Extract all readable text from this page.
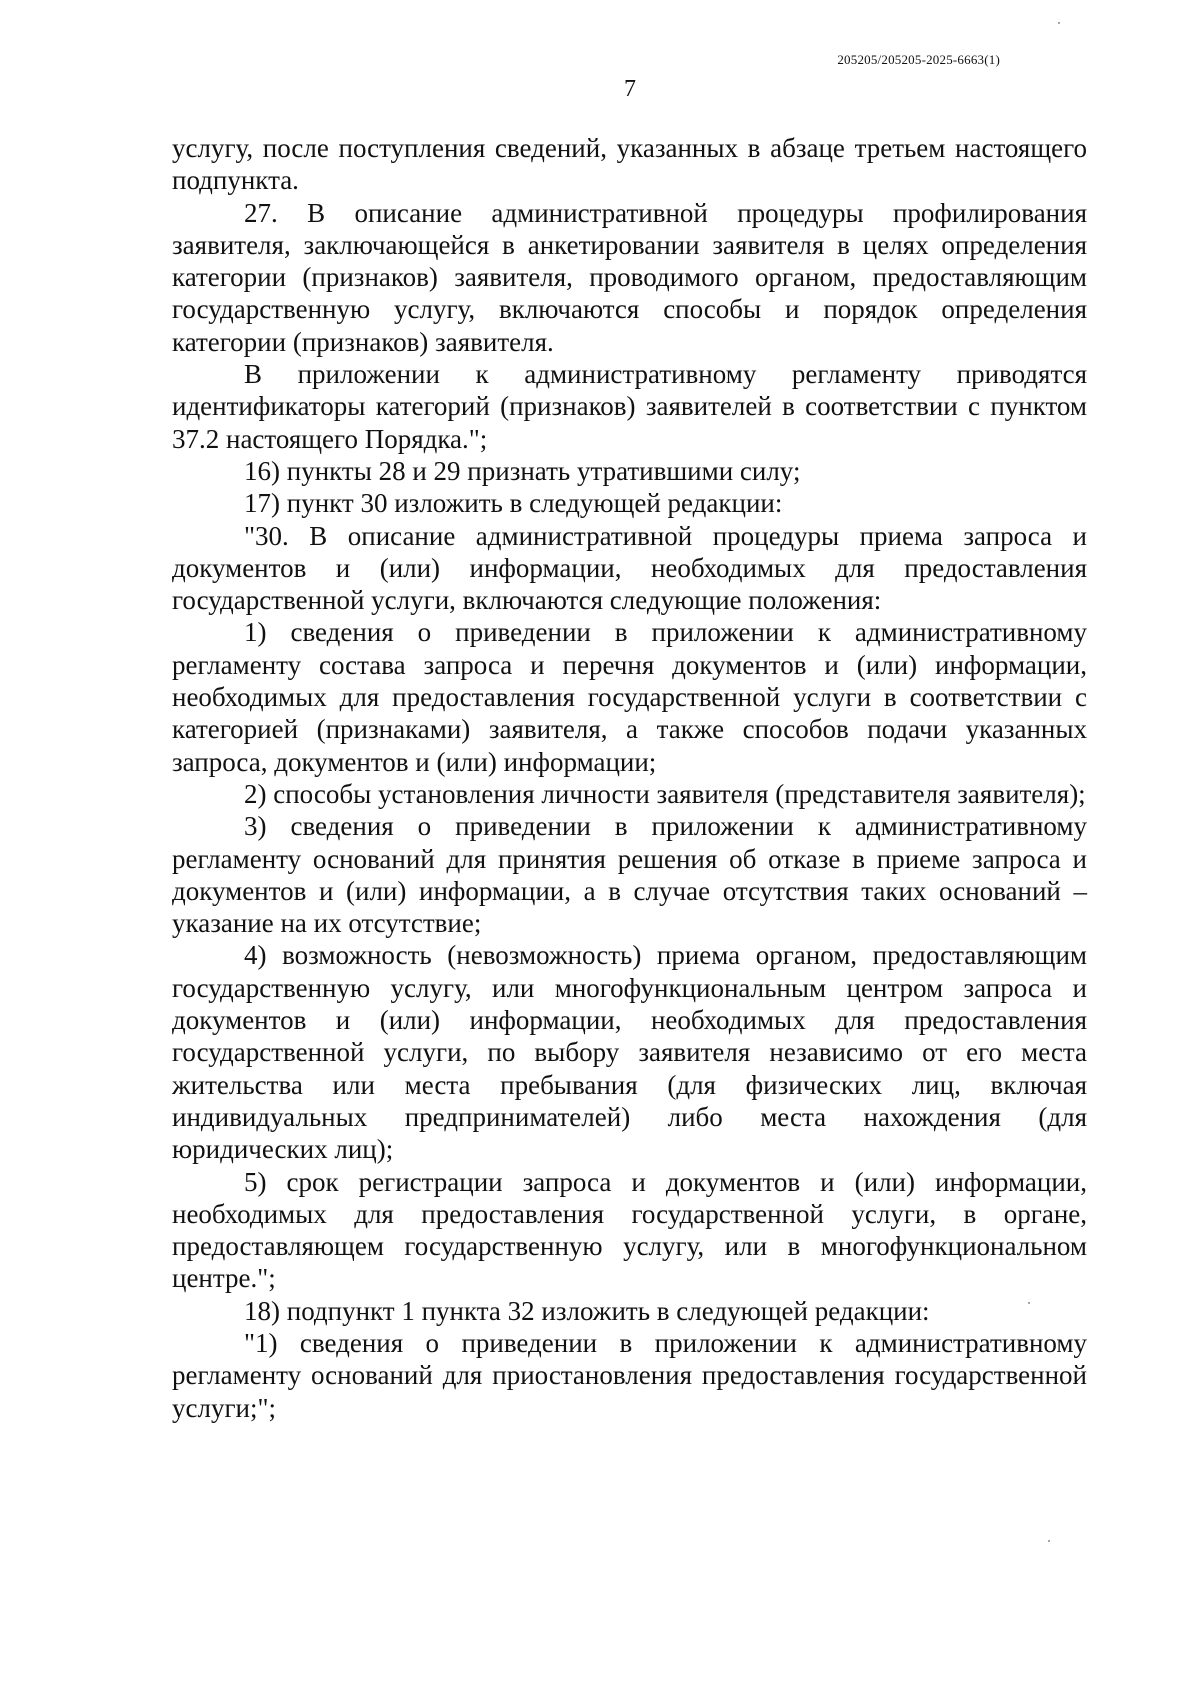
205205/205205-2025-6663(1)
7

услугу, после поступления сведений, указанных в абзаце третьем настоящего подпункта.

27. В описание административной процедуры профилирования заявителя, заключающейся в анкетировании заявителя в целях определения категории (признаков) заявителя, проводимого органом, предоставляющим государственную услугу, включаются способы и порядок определения категории (признаков) заявителя.

В приложении к административному регламенту приводятся идентификаторы категорий (признаков) заявителей в соответствии с пунктом 37.2 настоящего Порядка.";

16) пункты 28 и 29 признать утратившими силу;

17) пункт 30 изложить в следующей редакции:

"30. В описание административной процедуры приема запроса и документов и (или) информации, необходимых для предоставления государственной услуги, включаются следующие положения:

1) сведения о приведении в приложении к административному регламенту состава запроса и перечня документов и (или) информации, необходимых для предоставления государственной услуги в соответствии с категорией (признаками) заявителя, а также способов подачи указанных запроса, документов и (или) информации;

2) способы установления личности заявителя (представителя заявителя);

3) сведения о приведении в приложении к административному регламенту оснований для принятия решения об отказе в приеме запроса и документов и (или) информации, а в случае отсутствия таких оснований – указание на их отсутствие;

4) возможность (невозможность) приема органом, предоставляющим государственную услугу, или многофункциональным центром запроса и документов и (или) информации, необходимых для предоставления государственной услуги, по выбору заявителя независимо от его места жительства или места пребывания (для физических лиц, включая индивидуальных предпринимателей) либо места нахождения (для юридических лиц);

5) срок регистрации запроса и документов и (или) информации, необходимых для предоставления государственной услуги, в органе, предоставляющем государственную услугу, или в многофункциональном центре.";

18) подпункт 1 пункта 32 изложить в следующей редакции:

"1) сведения о приведении в приложении к административному регламенту оснований для приостановления предоставления государственной услуги;";
